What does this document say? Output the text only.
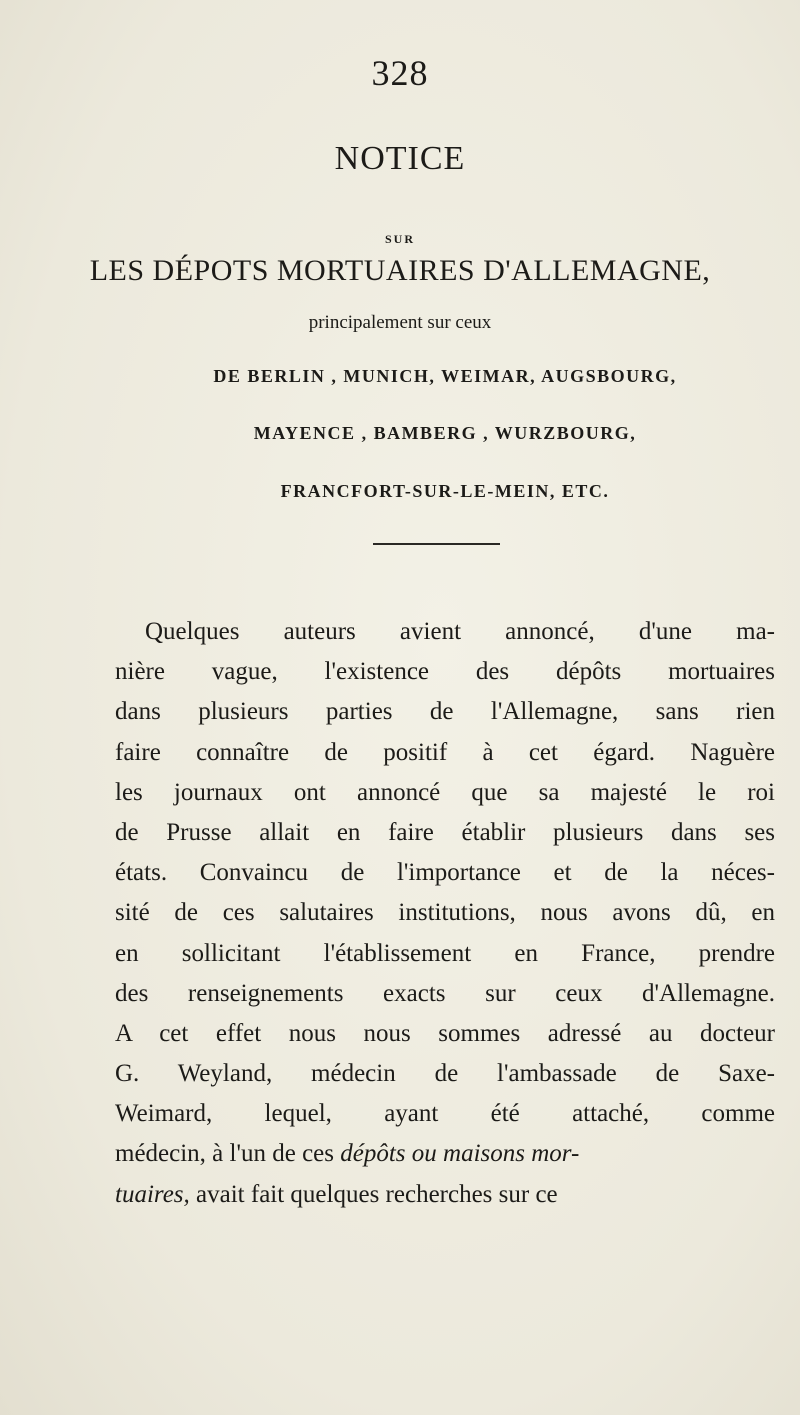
328
NOTICE
SUR
LES DÉPOTS MORTUAIRES D'ALLEMAGNE,
principalement sur ceux
DE BERLIN , MUNICH, WEIMAR, AUGSBOURG,
MAYENCE , BAMBERG , WURZBOURG,
FRANCFORT-SUR-LE-MEIN, ETC.
Quelques auteurs avient annoncé, d'une ma-
nière vague, l'existence des dépôts mortuaires
dans plusieurs parties de l'Allemagne, sans rien
faire connaître de positif à cet égard. Naguère
les journaux ont annoncé que sa majesté le roi
de Prusse allait en faire établir plusieurs dans ses
états. Convaincu de l'importance et de la néces-
sité de ces salutaires institutions, nous avons dû, en
en sollicitant l'établissement en France, prendre
des renseignements exacts sur ceux d'Allemagne.
A cet effet nous nous sommes adressé au docteur
G. Weyland, médecin de l'ambassade de Saxe-
Weimard, lequel, ayant été attaché, comme
médecin, à l'un de ces
dépôts ou maisons mor-
tuaires,
avait fait quelques recherches sur ce
